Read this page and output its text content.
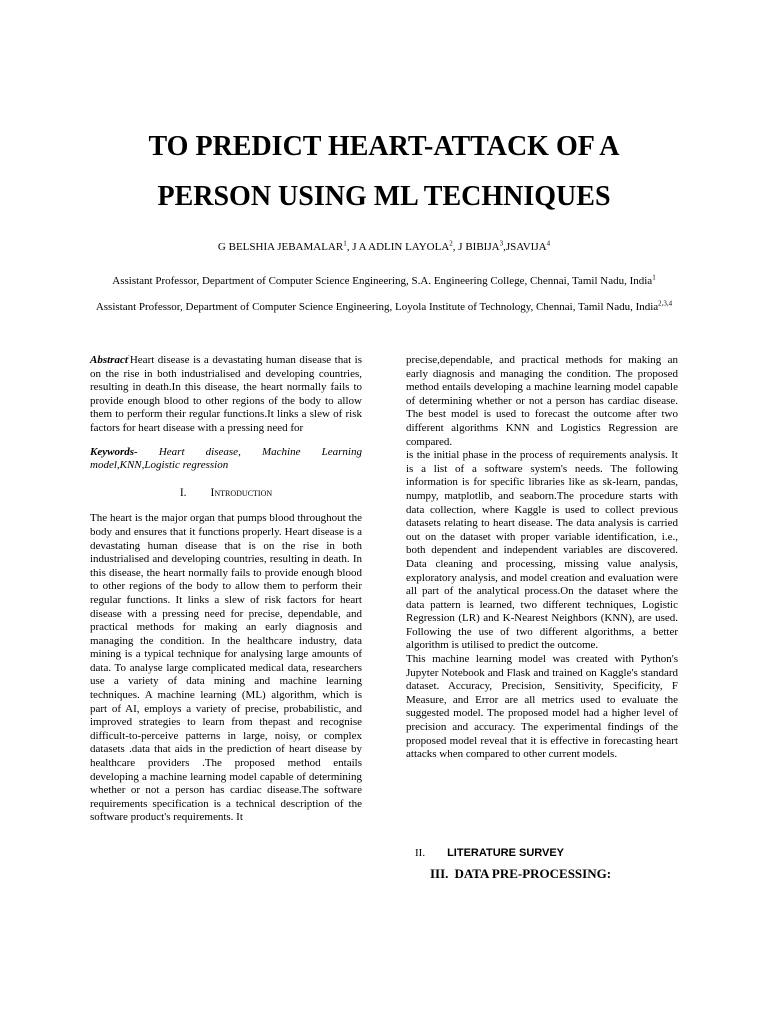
TO PREDICT HEART-ATTACK OF A
PERSON USING ML TECHNIQUES
G BELSHIA JEBAMALAR$^1$, J A ADLIN LAYOLA$^2$, J BIBIJA$^3$,JSAVIJA$^4$
Assistant Professor, Department of Computer Science Engineering, S.A. Engineering College, Chennai, Tamil Nadu, India$^1$
Assistant Professor, Department of Computer Science Engineering, Loyola Institute of Technology, Chennai, Tamil Nadu, India$^{2,3,4}$

Abstract:Heart disease is a devastating human disease that is on the rise in both industrialised and developing countries, resulting in death.In this disease, the heart normally fails to provide enough blood to other regions of the body to allow them to perform their regular functions.It links a slew of risk factors for heart disease with a pressing need for

Keywords- Heart disease, Machine Learning model,KNN,Logistic regression

I. Introduction

The heart is the major organ that pumps blood throughout the body and ensures that it functions properly. Heart disease is a devastating human disease that is on the rise in both industrialised and developing countries, resulting in death. In this disease, the heart normally fails to provide enough blood to other regions of the body to allow them to perform their regular functions. It links a slew of risk factors for heart disease with a pressing need for precise, dependable, and practical methods for making an early diagnosis and managing the condition. In the healthcare industry, data mining is a typical technique for analysing large amounts of data. To analyse large complicated medical data, researchers use a variety of data mining and machine learning techniques. A machine learning (ML) algorithm, which is part of AI, employs a variety of precise, probabilistic, and improved strategies to learn from thepast and recognise difficult-to-perceive patterns in large, noisy, or complex datasets .data that aids in the prediction of heart disease by healthcare providers .The proposed method entails developing a machine learning model capable of determining whether or not a person has cardiac disease.The software requirements specification is a technical description of the software product's requirements. It

precise,dependable, and practical methods for making an early diagnosis and managing the condition. The proposed method entails developing a machine learning model capable of determining whether or not a person has cardiac disease. The best model is used to forecast the outcome after two different algorithms KNN and Logistics Regression are compared.

is the initial phase in the process of requirements analysis. It is a list of a software system's needs. The following information is for specific libraries like as sk-learn, pandas, numpy, matplotlib, and seaborn.The procedure starts with data collection, where Kaggle is used to collect previous datasets relating to heart disease. The data analysis is carried out on the dataset with proper variable identification, i.e., both dependent and independent variables are discovered. Data cleaning and processing, missing value analysis, exploratory analysis, and model creation and evaluation were all part of the analytical process.On the dataset where the data pattern is learned, two different techniques, Logistic Regression (LR) and K-Nearest Neighbors (KNN), are used. Following the use of two different algorithms, a better algorithm is utilised to predict the outcome.

This machine learning model was created with Python's Jupyter Notebook and Flask and trained on Kaggle's standard dataset. Accuracy, Precision, Sensitivity, Specificity, F Measure, and Error are all metrics used to evaluate the suggested model. The proposed model had a higher level of precision and accuracy. The experimental findings of the proposed model reveal that it is effective in forecasting heart attacks when compared to other current models.

II. LITERATURE SURVEY
III. DATA PRE-PROCESSING:
